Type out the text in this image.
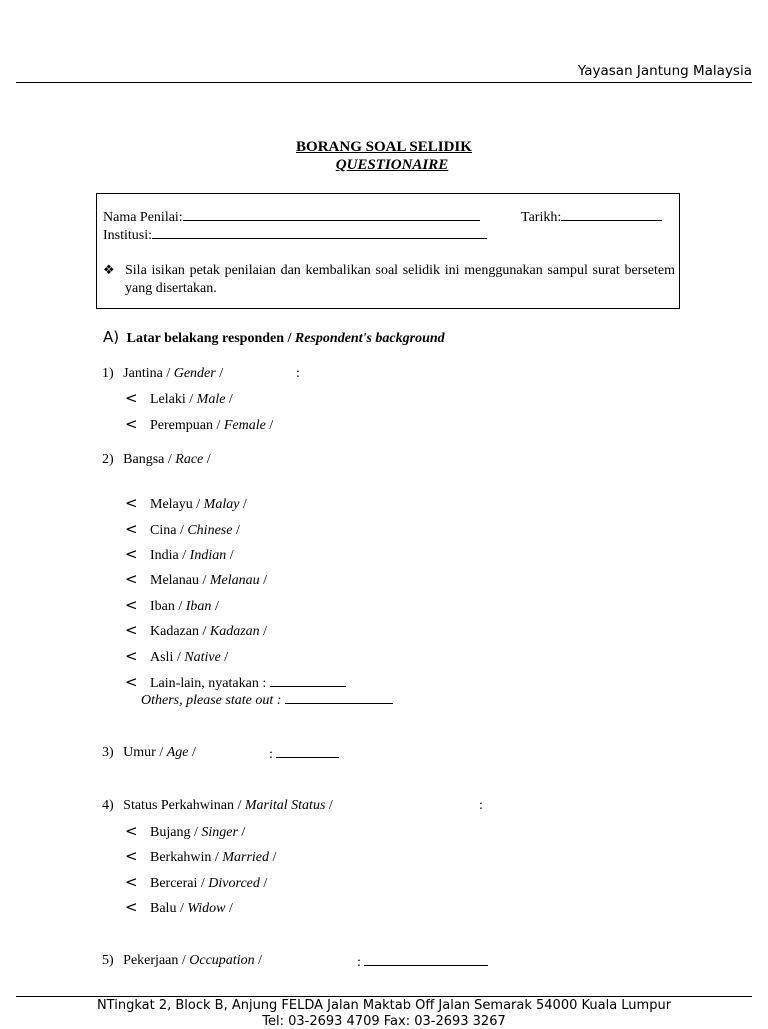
Yayasan Jantung Malaysia
BORANG SOAL SELIDIK
QUESTIONAIRE
Nama Penilai:	Tarikh:
Institusi:
❖ Sila isikan petak penilaian dan kembalikan soal selidik ini menggunakan sampul surat bersetem yang disertakan.
A) Latar belakang responden / Respondent's background
1) Jantina / Gender /	:
< Lelaki / Male /
< Perempuan / Female /
2) Bangsa / Race /
< Melayu / Malay /
< Cina / Chinese /
< India / Indian /
< Melanau / Melanau /
< Iban / Iban /
< Kadazan / Kadazan /
< Asli / Native /
< Lain-lain, nyatakan :
Others, please state out :
3) Umur / Age /	:
4) Status Perkahwinan / Marital Status /	:
< Bujang / Singer /
< Berkahwin / Married /
< Bercerai / Divorced /
< Balu / Widow /
5) Pekerjaan / Occupation /	:
NTingkat 2, Block B, Anjung FELDA Jalan Maktab Off Jalan Semarak 54000 Kuala Lumpur
Tel: 03-2693 4709 Fax: 03-2693 3267
